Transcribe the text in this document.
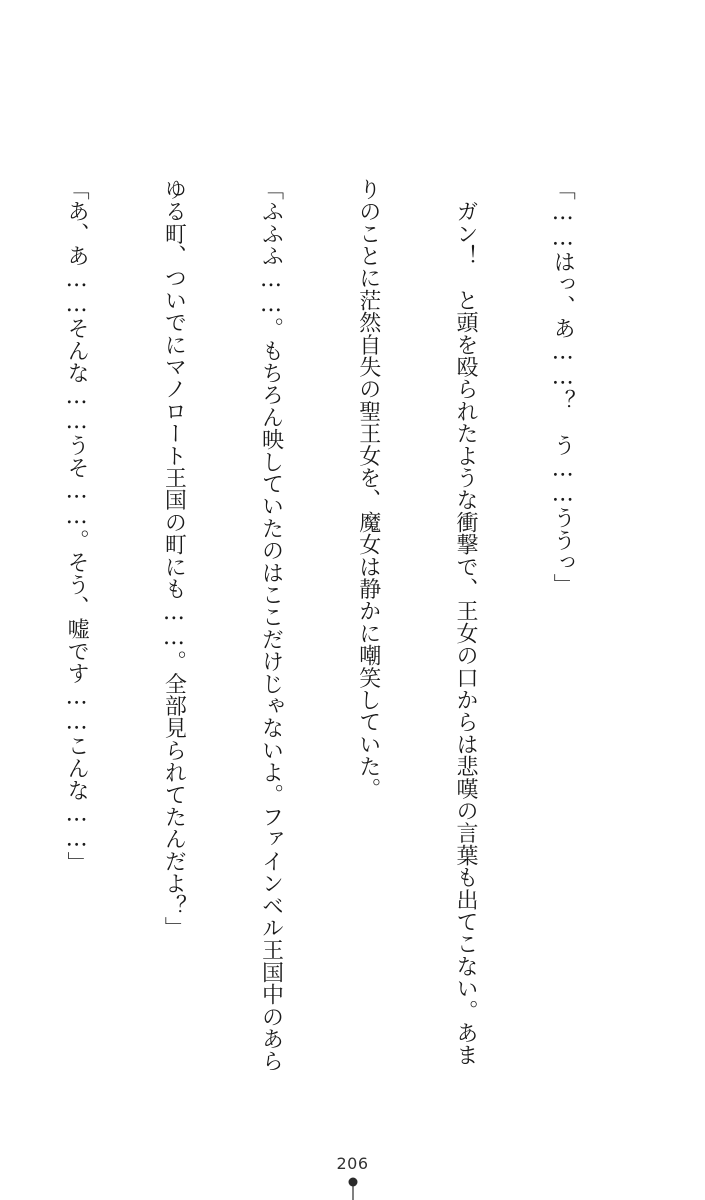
「……はっ、あ……？　う……ううっ」

　ガン！　と頭を殴られたような衝撃で、王女の口からは悲嘆の言葉も出てこない。あま

りのことに茫然自失の聖王女を、魔女は静かに嘲笑していた。

「ふふふ……。もちろん映していたのはここだけじゃないよ。ファインベル王国中のあら

ゆる町、ついでにマノロート王国の町にも……。全部見られてたんだよ？」

「あ、あ……そんな……うそ……。そう、嘘です……こんな……」

206
